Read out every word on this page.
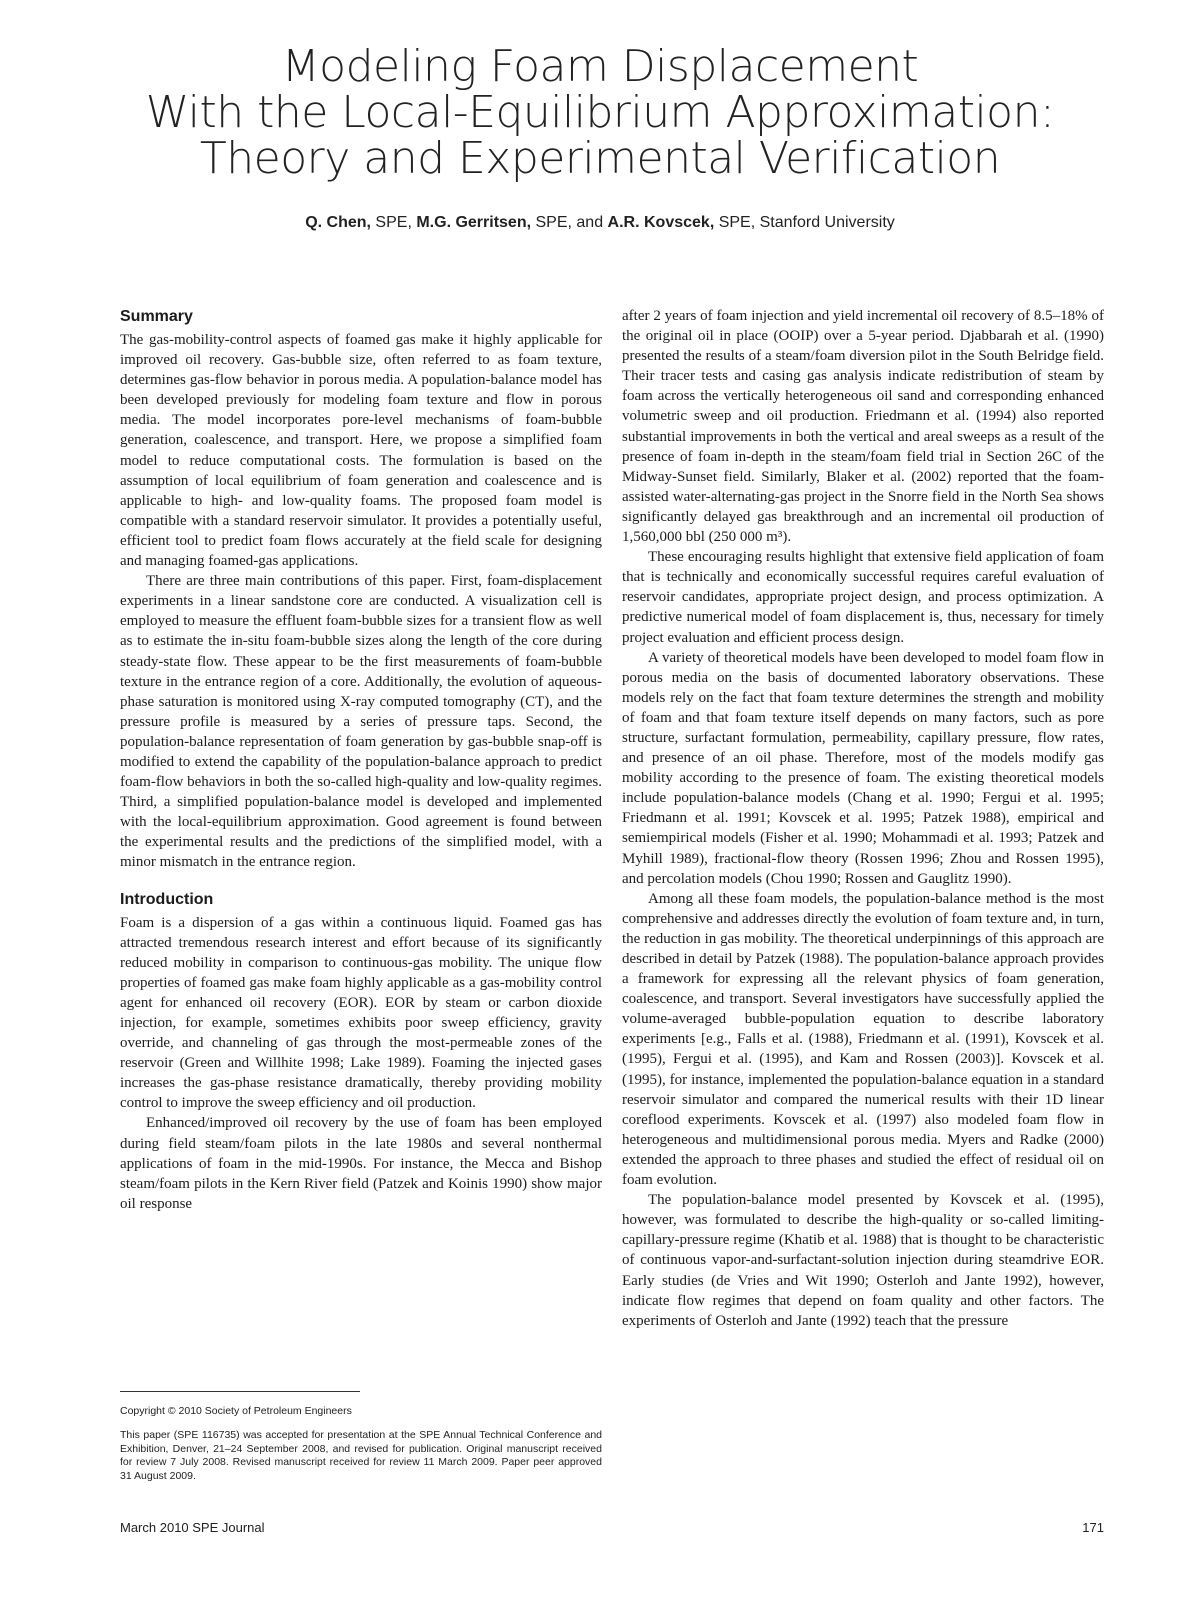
Modeling Foam Displacement
With the Local-Equilibrium Approximation:
Theory and Experimental Verification
Q. Chen, SPE, M.G. Gerritsen, SPE, and A.R. Kovscek, SPE, Stanford University
Summary

The gas-mobility-control aspects of foamed gas make it highly applicable for improved oil recovery. Gas-bubble size, often referred to as foam texture, determines gas-flow behavior in porous media. A population-balance model has been developed previously for modeling foam texture and flow in porous media. The model incorporates pore-level mechanisms of foam-bubble generation, coalescence, and transport. Here, we propose a simplified foam model to reduce computational costs. The formulation is based on the assumption of local equilibrium of foam generation and coalescence and is applicable to high- and low-quality foams. The proposed foam model is compatible with a standard reservoir simulator. It provides a potentially useful, efficient tool to predict foam flows accurately at the field scale for designing and managing foamed-gas applications.

There are three main contributions of this paper. First, foam-displacement experiments in a linear sandstone core are conducted. A visualization cell is employed to measure the effluent foam-bubble sizes for a transient flow as well as to estimate the in-situ foam-bubble sizes along the length of the core during steady-state flow. These appear to be the first measurements of foam-bubble texture in the entrance region of a core. Additionally, the evolution of aqueous-phase saturation is monitored using X-ray computed tomography (CT), and the pressure profile is measured by a series of pressure taps. Second, the population-balance representation of foam generation by gas-bubble snap-off is modified to extend the capability of the population-balance approach to predict foam-flow behaviors in both the so-called high-quality and low-quality regimes. Third, a simplified population-balance model is developed and implemented with the local-equilibrium approximation. Good agreement is found between the experimental results and the predictions of the simplified model, with a minor mismatch in the entrance region.

Introduction

Foam is a dispersion of a gas within a continuous liquid. Foamed gas has attracted tremendous research interest and effort because of its significantly reduced mobility in comparison to continuous-gas mobility. The unique flow properties of foamed gas make foam highly applicable as a gas-mobility control agent for enhanced oil recovery (EOR). EOR by steam or carbon dioxide injection, for example, sometimes exhibits poor sweep efficiency, gravity override, and channeling of gas through the most-permeable zones of the reservoir (Green and Willhite 1998; Lake 1989). Foaming the injected gases increases the gas-phase resistance dramatically, thereby providing mobility control to improve the sweep efficiency and oil production.

Enhanced/improved oil recovery by the use of foam has been employed during field steam/foam pilots in the late 1980s and several nonthermal applications of foam in the mid-1990s. For instance, the Mecca and Bishop steam/foam pilots in the Kern River field (Patzek and Koinis 1990) show major oil response

after 2 years of foam injection and yield incremental oil recovery of 8.5–18% of the original oil in place (OOIP) over a 5-year period. Djabbarah et al. (1990) presented the results of a steam/foam diversion pilot in the South Belridge field. Their tracer tests and casing gas analysis indicate redistribution of steam by foam across the vertically heterogeneous oil sand and corresponding enhanced volumetric sweep and oil production. Friedmann et al. (1994) also reported substantial improvements in both the vertical and areal sweeps as a result of the presence of foam in-depth in the steam/foam field trial in Section 26C of the Midway-Sunset field. Similarly, Blaker et al. (2002) reported that the foam-assisted water-alternating-gas project in the Snorre field in the North Sea shows significantly delayed gas breakthrough and an incremental oil production of 1,560,000 bbl (250 000 m³).

These encouraging results highlight that extensive field application of foam that is technically and economically successful requires careful evaluation of reservoir candidates, appropriate project design, and process optimization. A predictive numerical model of foam displacement is, thus, necessary for timely project evaluation and efficient process design.

A variety of theoretical models have been developed to model foam flow in porous media on the basis of documented laboratory observations. These models rely on the fact that foam texture determines the strength and mobility of foam and that foam texture itself depends on many factors, such as pore structure, surfactant formulation, permeability, capillary pressure, flow rates, and presence of an oil phase. Therefore, most of the models modify gas mobility according to the presence of foam. The existing theoretical models include population-balance models (Chang et al. 1990; Fergui et al. 1995; Friedmann et al. 1991; Kovscek et al. 1995; Patzek 1988), empirical and semiempirical models (Fisher et al. 1990; Mohammadi et al. 1993; Patzek and Myhill 1989), fractional-flow theory (Rossen 1996; Zhou and Rossen 1995), and percolation models (Chou 1990; Rossen and Gauglitz 1990).

Among all these foam models, the population-balance method is the most comprehensive and addresses directly the evolution of foam texture and, in turn, the reduction in gas mobility. The theoretical underpinnings of this approach are described in detail by Patzek (1988). The population-balance approach provides a framework for expressing all the relevant physics of foam generation, coalescence, and transport. Several investigators have successfully applied the volume-averaged bubble-population equation to describe laboratory experiments [e.g., Falls et al. (1988), Friedmann et al. (1991), Kovscek et al. (1995), Fergui et al. (1995), and Kam and Rossen (2003)]. Kovscek et al. (1995), for instance, implemented the population-balance equation in a standard reservoir simulator and compared the numerical results with their 1D linear coreflood experiments. Kovscek et al. (1997) also modeled foam flow in heterogeneous and multidimensional porous media. Myers and Radke (2000) extended the approach to three phases and studied the effect of residual oil on foam evolution.

The population-balance model presented by Kovscek et al. (1995), however, was formulated to describe the high-quality or so-called limiting-capillary-pressure regime (Khatib et al. 1988) that is thought to be characteristic of continuous vapor-and-surfactant-solution injection during steamdrive EOR. Early studies (de Vries and Wit 1990; Osterloh and Jante 1992), however, indicate flow regimes that depend on foam quality and other factors. The experiments of Osterloh and Jante (1992) teach that the pressure

Copyright © 2010 Society of Petroleum Engineers
This paper (SPE 116735) was accepted for presentation at the SPE Annual Technical Conference and Exhibition, Denver, 21–24 September 2008, and revised for publication. Original manuscript received for review 7 July 2008. Revised manuscript received for review 11 March 2009. Paper peer approved 31 August 2009.
March 2010 SPE Journal	171
